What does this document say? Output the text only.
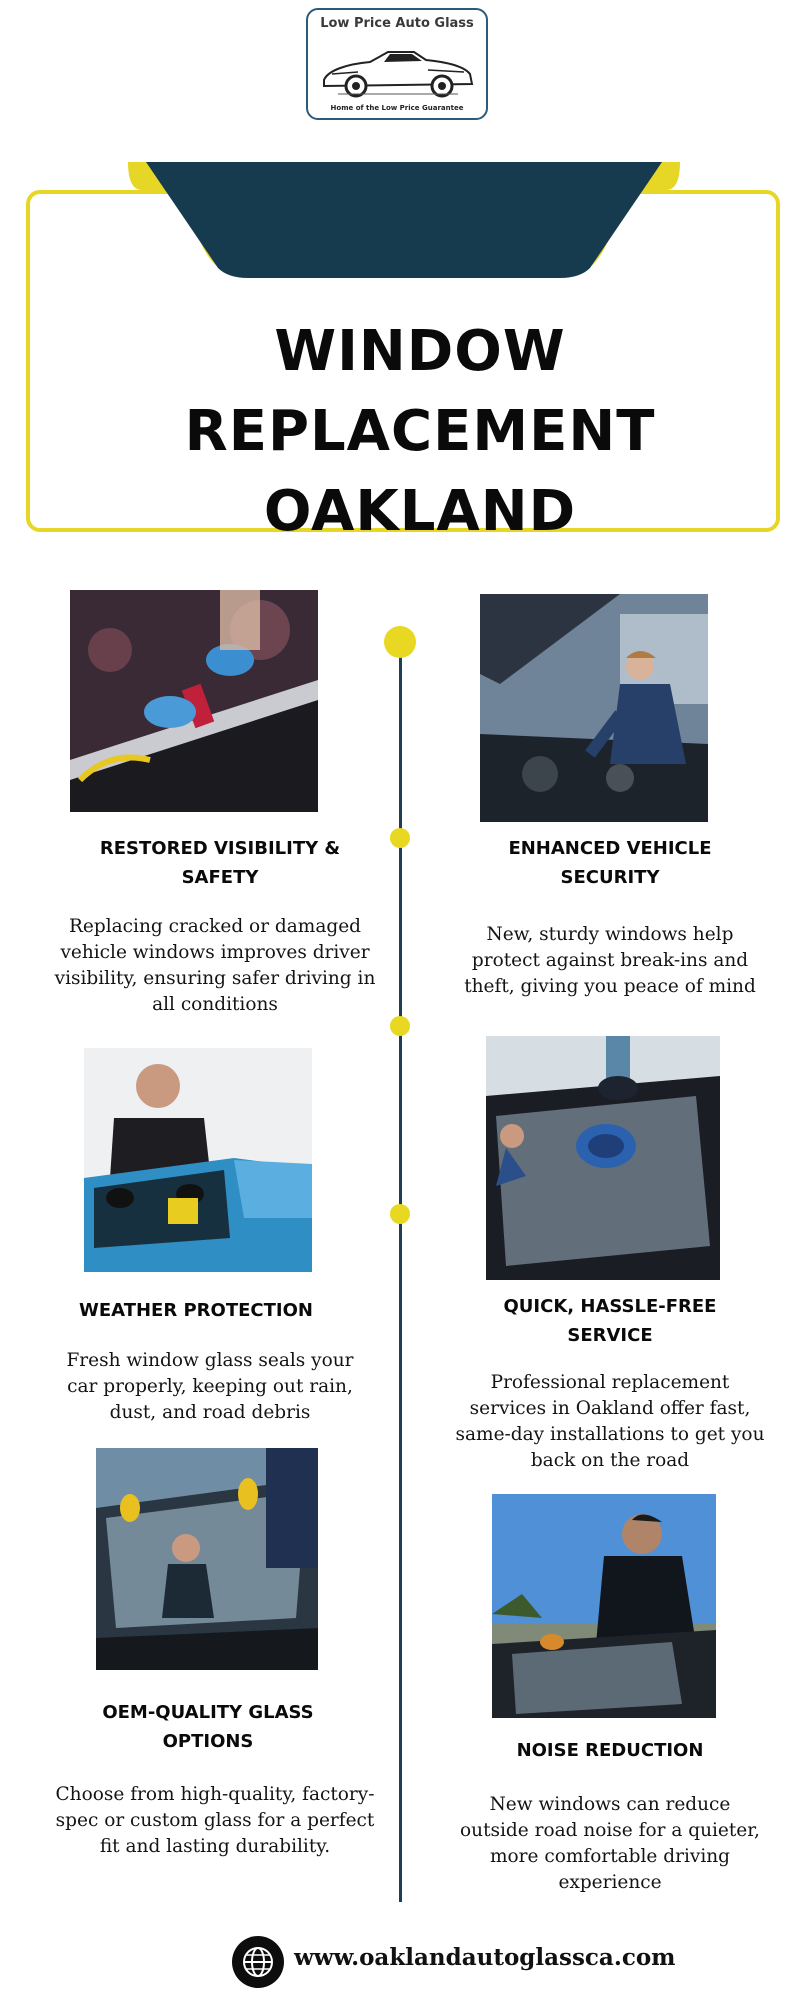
Low Price Auto Glass
Home of the Low Price Guarantee
WINDOW REPLACEMENT
OAKLAND
RESTORED VISIBILITY &
SAFETY
Replacing cracked or damaged
vehicle windows improves driver
visibility, ensuring safer driving in
all conditions
ENHANCED VEHICLE
SECURITY
New, sturdy windows help
protect against break-ins and
theft, giving you peace of mind
WEATHER PROTECTION
Fresh window glass seals your
car properly, keeping out rain,
dust, and road debris
QUICK, HASSLE-FREE
SERVICE
Professional replacement
services in Oakland offer fast,
same-day installations to get you
back on the road
OEM-QUALITY GLASS
OPTIONS
Choose from high-quality, factory-
spec or custom glass for a perfect
fit and lasting durability.
NOISE REDUCTION
New windows can reduce
outside road noise for a quieter,
more comfortable driving
experience
www.oaklandautoglassca.com
